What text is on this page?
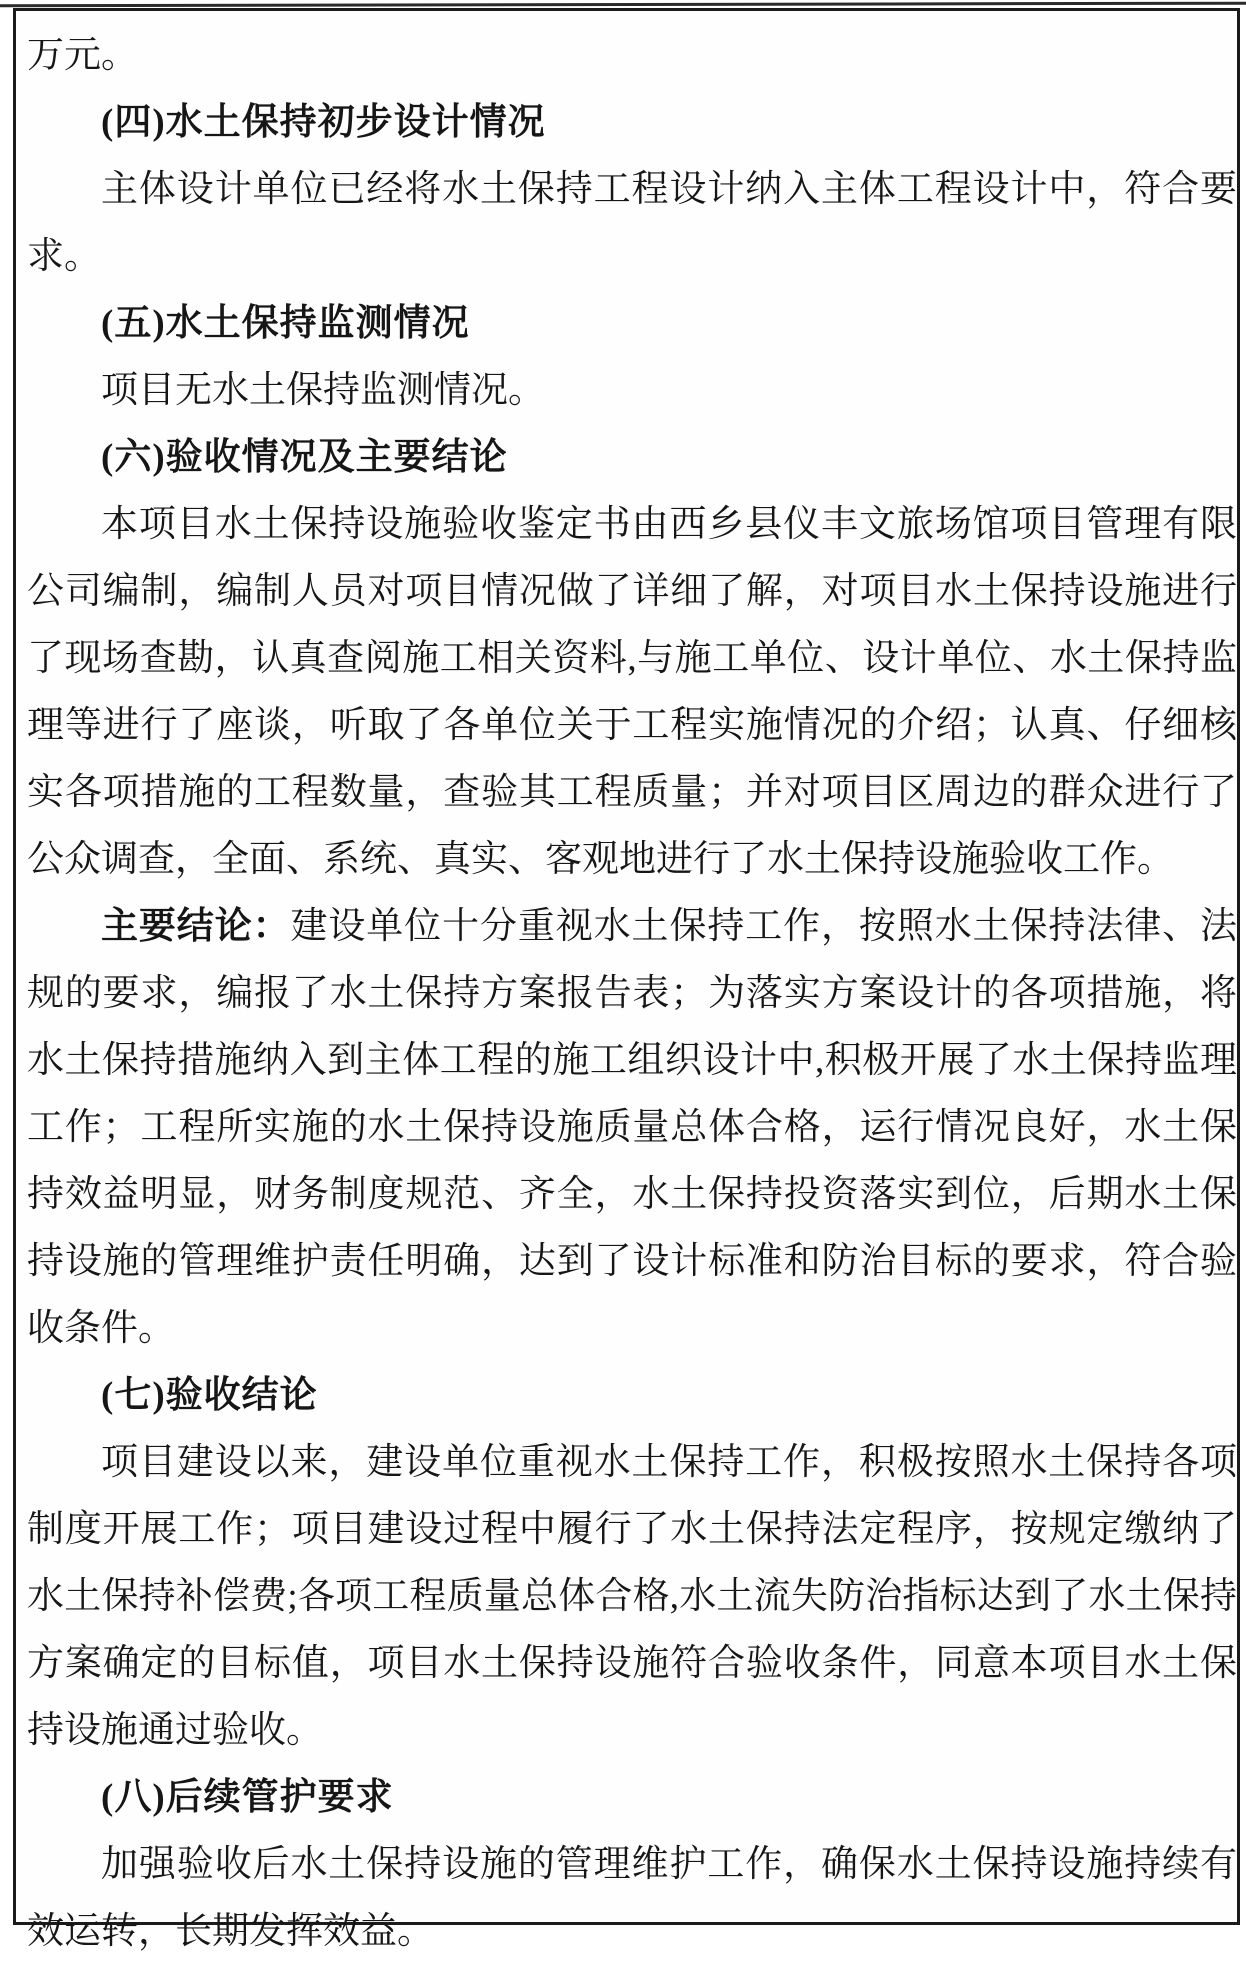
万元。
(四)水土保持初步设计情况
主体设计单位已经将水土保持工程设计纳入主体工程设计中，符合要求。
(五)水土保持监测情况
项目无水土保持监测情况。
(六)验收情况及主要结论
本项目水土保持设施验收鉴定书由西乡县仪丰文旅场馆项目管理有限公司编制，编制人员对项目情况做了详细了解，对项目水土保持设施进行了现场查勘，认真查阅施工相关资料,与施工单位、设计单位、水土保持监理等进行了座谈，听取了各单位关于工程实施情况的介绍；认真、仔细核实各项措施的工程数量，查验其工程质量；并对项目区周边的群众进行了公众调查，全面、系统、真实、客观地进行了水土保持设施验收工作。
主要结论：建设单位十分重视水土保持工作，按照水土保持法律、法规的要求，编报了水土保持方案报告表；为落实方案设计的各项措施，将水土保持措施纳入到主体工程的施工组织设计中,积极开展了水土保持监理工作；工程所实施的水土保持设施质量总体合格，运行情况良好，水土保持效益明显，财务制度规范、齐全，水土保持投资落实到位，后期水土保持设施的管理维护责任明确，达到了设计标准和防治目标的要求，符合验收条件。
(七)验收结论
项目建设以来，建设单位重视水土保持工作，积极按照水土保持各项制度开展工作；项目建设过程中履行了水土保持法定程序，按规定缴纳了水土保持补偿费;各项工程质量总体合格,水土流失防治指标达到了水土保持方案确定的目标值，项目水土保持设施符合验收条件，同意本项目水土保持设施通过验收。
(八)后续管护要求
加强验收后水土保持设施的管理维护工作，确保水土保持设施持续有效运转，长期发挥效益。
